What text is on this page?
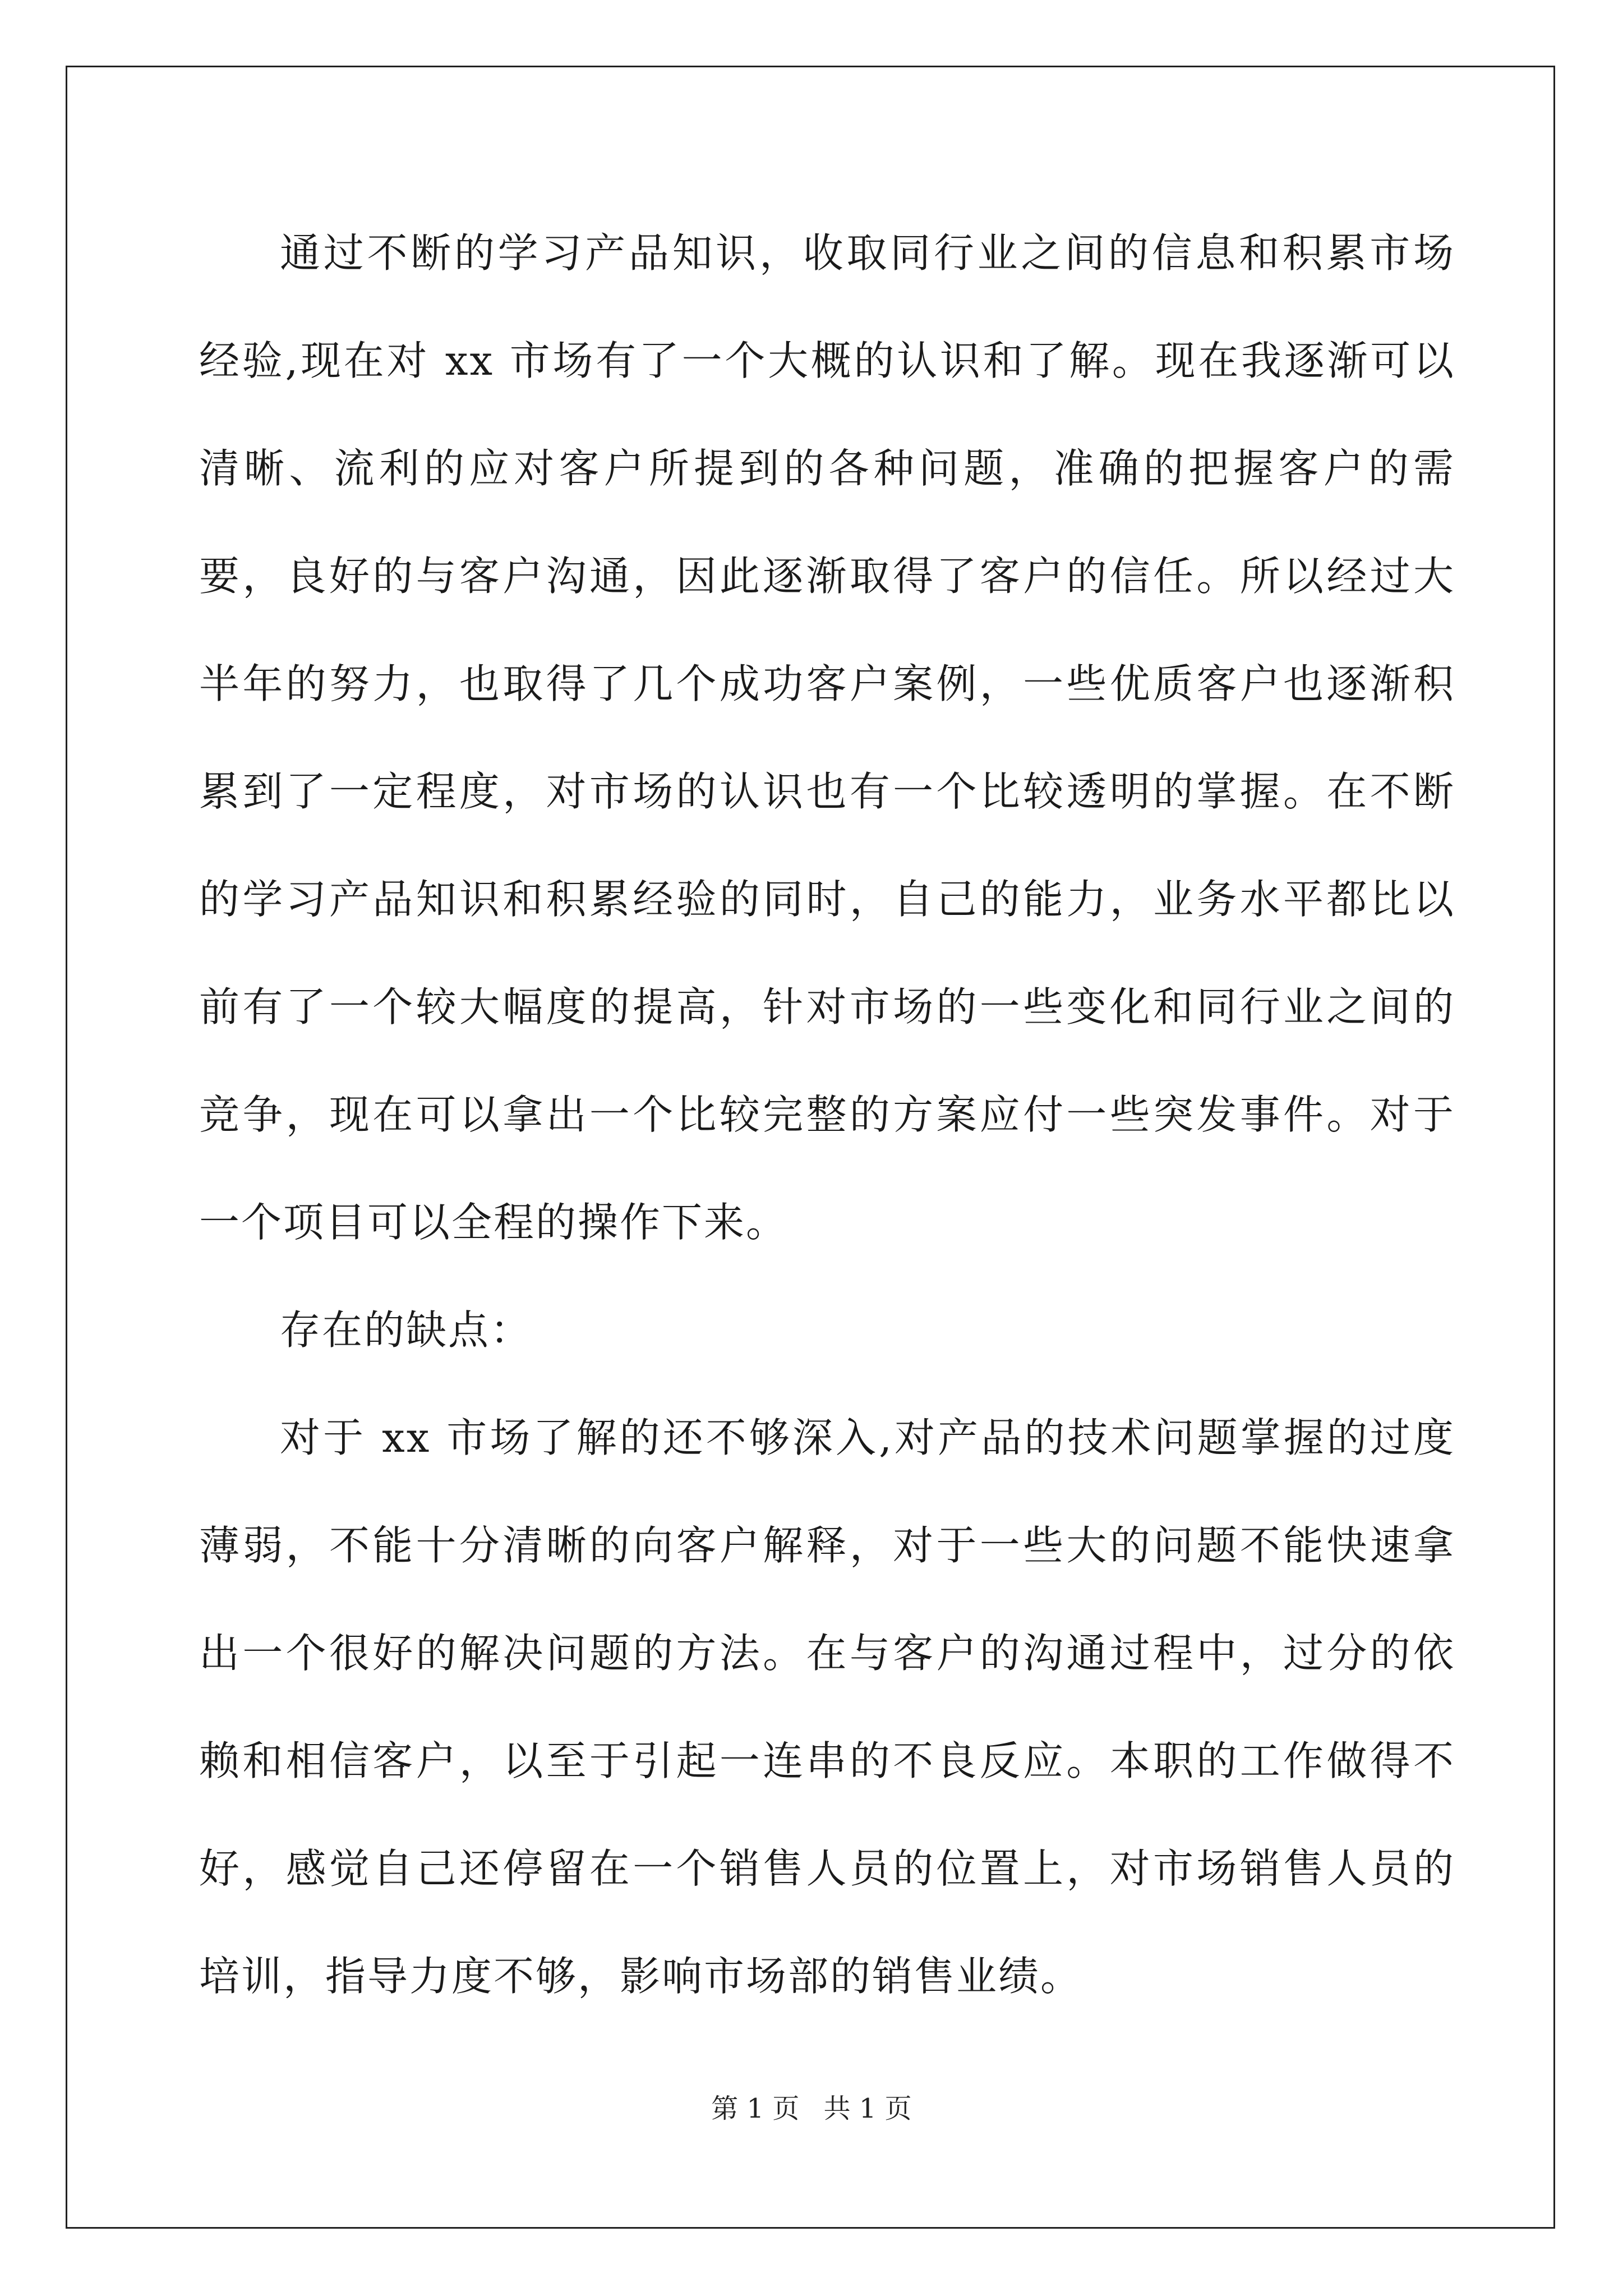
通过不断的学习产品知识，收取同行业之间的信息和积累市场经验,现在对 xx 市场有了一个大概的认识和了解。现在我逐渐可以清晰、流利的应对客户所提到的各种问题，准确的把握客户的需要，良好的与客户沟通，因此逐渐取得了客户的信任。所以经过大半年的努力，也取得了几个成功客户案例，一些优质客户也逐渐积累到了一定程度，对市场的认识也有一个比较透明的掌握。在不断的学习产品知识和积累经验的同时，自己的能力，业务水平都比以前有了一个较大幅度的提高，针对市场的一些变化和同行业之间的竞争，现在可以拿出一个比较完整的方案应付一些突发事件。对于一个项目可以全程的操作下来。

存在的缺点：

对于 xx 市场了解的还不够深入,对产品的技术问题掌握的过度薄弱，不能十分清晰的向客户解释，对于一些大的问题不能快速拿出一个很好的解决问题的方法。在与客户的沟通过程中，过分的依赖和相信客户，以至于引起一连串的不良反应。本职的工作做得不好，感觉自己还停留在一个销售人员的位置上，对市场销售人员的培训，指导力度不够，影响市场部的销售业绩。

第 1 页 共 1 页
